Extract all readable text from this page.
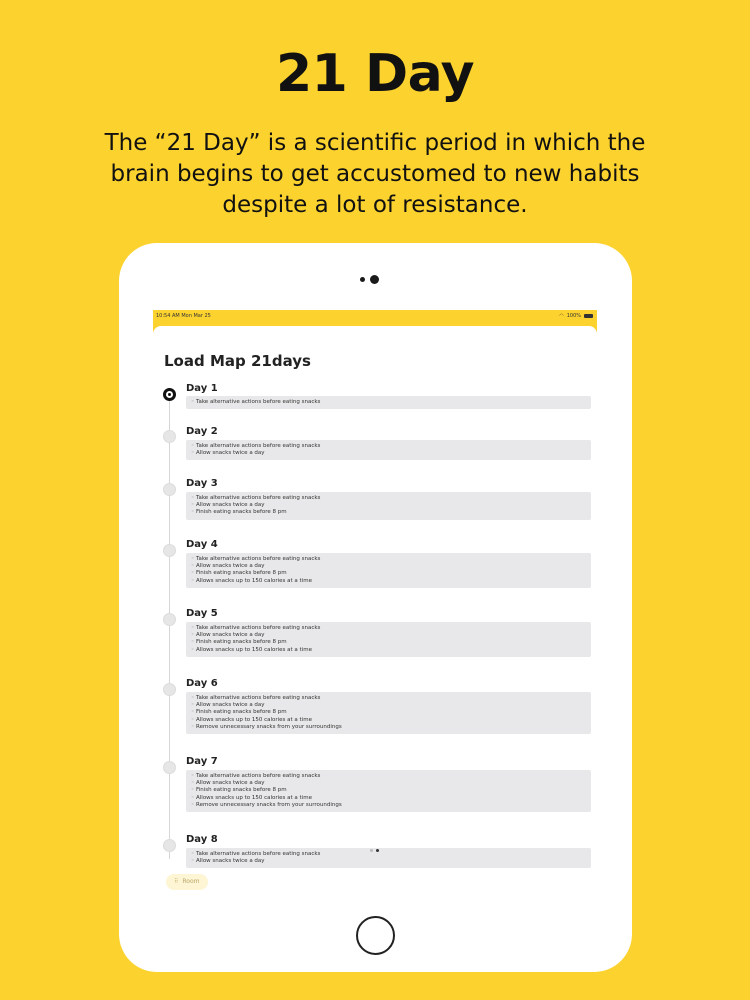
21 Day
The “21 Day” is a scientific period in which the brain begins to get accustomed to new habits despite a lot of resistance.
10:54 AM Mon Mar 25	◠ 100%
Load Map 21days
Day 1
◦ Take alternative actions before eating snacks
Day 2
◦ Take alternative actions before eating snacks
◦ Allow snacks twice a day
Day 3
◦ Take alternative actions before eating snacks
◦ Allow snacks twice a day
◦ Finish eating snacks before 8 pm
Day 4
◦ Take alternative actions before eating snacks
◦ Allow snacks twice a day
◦ Finish eating snacks before 8 pm
◦ Allows snacks up to 150 calories at a time
Day 5
◦ Take alternative actions before eating snacks
◦ Allow snacks twice a day
◦ Finish eating snacks before 8 pm
◦ Allows snacks up to 150 calories at a time
Day 6
◦ Take alternative actions before eating snacks
◦ Allow snacks twice a day
◦ Finish eating snacks before 8 pm
◦ Allows snacks up to 150 calories at a time
◦ Remove unnecessary snacks from your surroundings
Day 7
◦ Take alternative actions before eating snacks
◦ Allow snacks twice a day
◦ Finish eating snacks before 8 pm
◦ Allows snacks up to 150 calories at a time
◦ Remove unnecessary snacks from your surroundings
Day 8
◦ Take alternative actions before eating snacks
◦ Allow snacks twice a day
⠿ Room
